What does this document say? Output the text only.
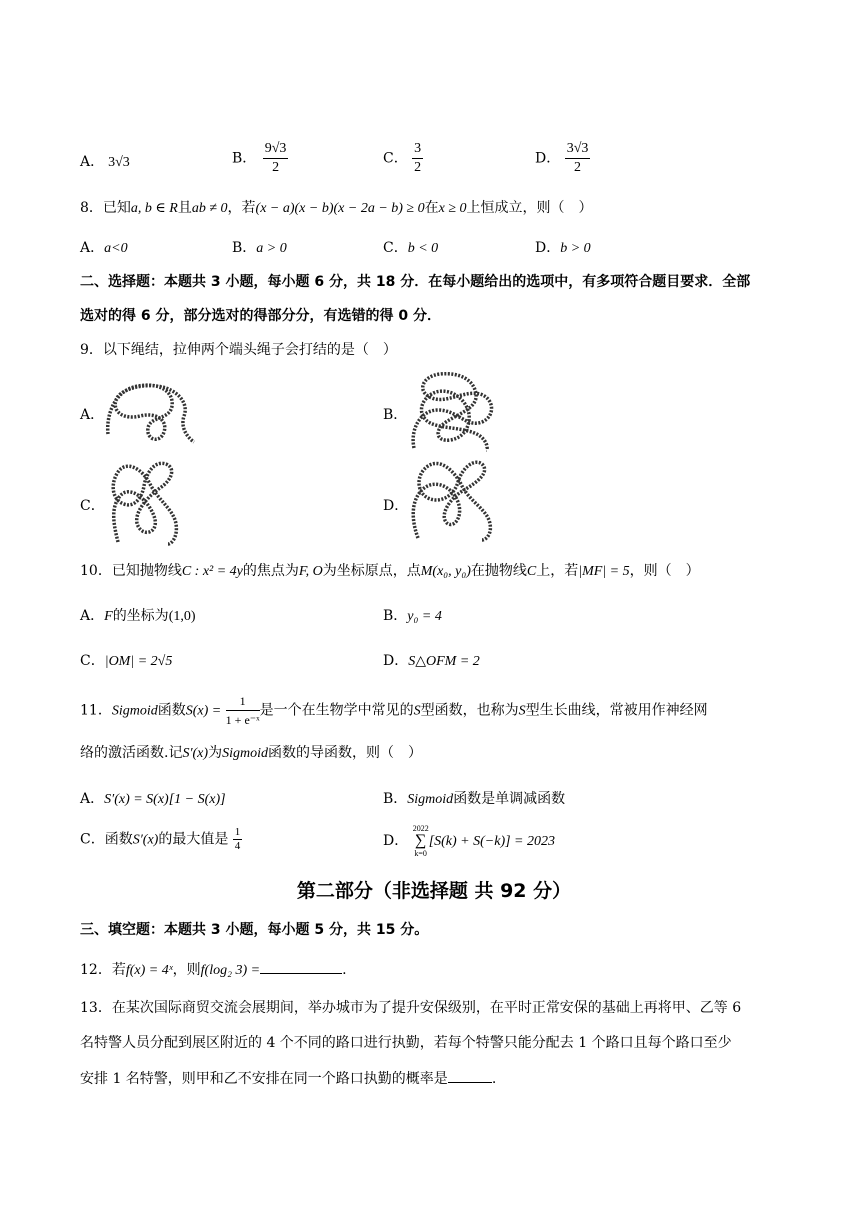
A． 3√3	B． $\frac{9√3}{2}$	C． $\frac{3}{2}$	D． $\frac{3√3}{2}$
8．已知a, b ∈ R且ab ≠ 0，若(x − a)(x − b)(x − 2a − b) ≥ 0在x ≥ 0上恒成立，则（　）
A．a<0	B．a > 0	C．b < 0	D．b > 0
二、选择题：本题共 3 小题，每小题 6 分，共 18 分．在每小题给出的选项中，有多项符合题目要求．全部
选对的得 6 分，部分选对的得部分分，有选错的得 0 分．
9．以下绳结，拉伸两个端头绳子会打结的是（　）
A．	B．
C．	D．
10．已知抛物线C : x² = 4y的焦点为F, O为坐标原点，点M(x₀, y₀)在抛物线C上，若|MF| = 5，则（　）
A．F的坐标为(1,0)	B．y₀ = 4
C．|OM| = 2√5	D．S△OFM = 2
11．Sigmoid函数$S(x) = \frac{1}{\text{1 + e⁻ˣ}}$ 是一个在生物学中常见的S型函数，也称为S型生长曲线，常被用作神经网
络的激活函数.记S′(x)为Sigmoid函数的导函数，则（　）
A．S′(x) = S(x)[1 − S(x)]	B．Sigmoid函数是单调减函数
C．函数S′(x)的最大值是 $\frac{1}{4}$	D．
2022
∑
k=0
[S(k) + S(−k)] = 2023
第二部分（非选择题 共 92 分）
三、填空题：本题共 3 小题，每小题 5 分，共 15 分。
12．若f(x) = 4ˣ，则f(log₂ 3) =	.
13．在某次国际商贸交流会展期间，举办城市为了提升安保级别，在平时正常安保的基础上再将甲、乙等 6
名特警人员分配到展区附近的 4 个不同的路口进行执勤，若每个特警只能分配去 1 个路口且每个路口至少
安排 1 名特警，则甲和乙不安排在同一个路口执勤的概率是	.
